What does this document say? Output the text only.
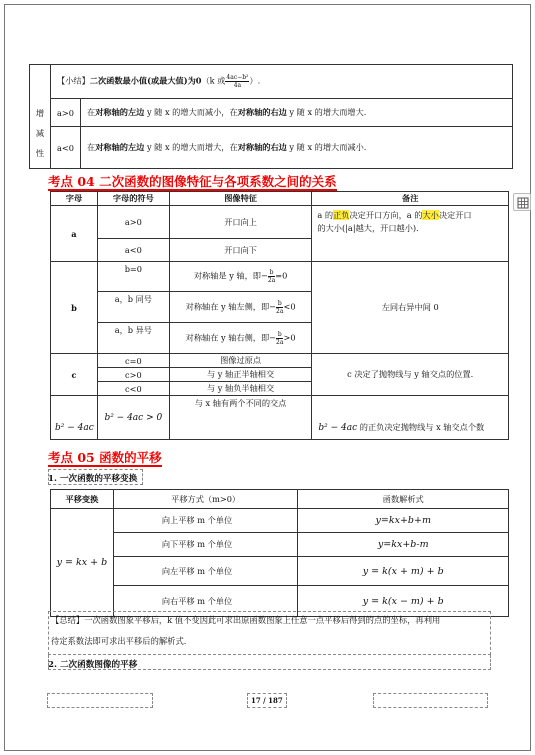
	【小结】二次函数最小值(或最大值)为0（k 或 $\frac{\text{4ac−b²}}{4a}$ ）.	

增
减
性	a>0	在对称轴的左边 y 随 x 的增大而减小，在对称轴的右边 y 随 x 的增大而增大.
	a<0	在对称轴的左边 y 随 x 的增大而增大，在对称轴的右边 y 随 x 的增大而减小.
考点 04 二次函数的图像特征与各项系数之间的关系
字母	字母的符号	图像特征	备注
a	a>0	开口向上	a 的正负决定开口方向，a 的大小决定开口
的大小(|a|越大，开口越小).
	a<0	开口向下	
b	b=0	对称轴是 y 轴，即− $\frac{b}{2a} =0$	左同右异中间 0
	a，b 同号	对称轴在 y 轴左侧，即− $\frac{b}{2a} <0$	
	a，b 异号	对称轴在 y 轴右侧，即− $\frac{b}{2a} >0$	
c	c=0	图像过原点	c 决定了抛物线与 y 轴交点的位置.
	c>0	与 y 轴正半轴相交	
	c<0	与 y 轴负半轴相交	
b² − 4ac	b² − 4ac > 0	与 x 轴有两个不同的交点	b² − 4ac 的正负决定抛物线与 x 轴交点个数
考点 05 函数的平移
1. 一次函数的平移变换
平移变换	平移方式（m>0）	函数解析式
y = kx + b	向上平移 m 个单位	y=kx+b+m
	向下平移 m 个单位	y=kx+b-m
	向左平移 m 个单位	y = k(x + m) + b
	向右平移 m 个单位	y = k(x − m) + b
【总结】一次函数图象平移后，k 值不变因此可求出原函数图象上任意一点平移后得到的点的坐标，再利用
待定系数法即可求出平移后的解析式.
2. 二次函数图像的平移
17 / 187
